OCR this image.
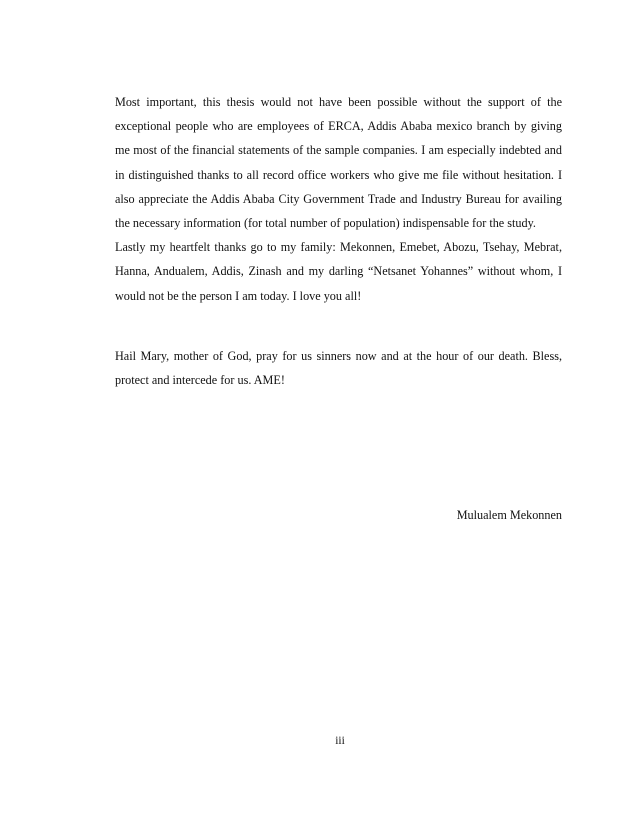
Most important, this thesis would not have been possible without the support of the exceptional people who are employees of ERCA, Addis Ababa mexico branch by giving me most of the financial statements of the sample companies. I am especially indebted and in distinguished thanks to all record office workers who give me file without hesitation. I also appreciate the Addis Ababa City Government Trade and Industry Bureau for availing the necessary information (for total number of population) indispensable for the study.

Lastly my heartfelt thanks go to my family: Mekonnen, Emebet, Abozu, Tsehay, Mebrat, Hanna, Andualem, Addis, Zinash and my darling “Netsanet Yohannes” without whom, I would not be the person I am today. I love you all!

Hail Mary, mother of God, pray for us sinners now and at the hour of our death. Bless, protect and intercede for us. AME!

Mulualem Mekonnen
iii
